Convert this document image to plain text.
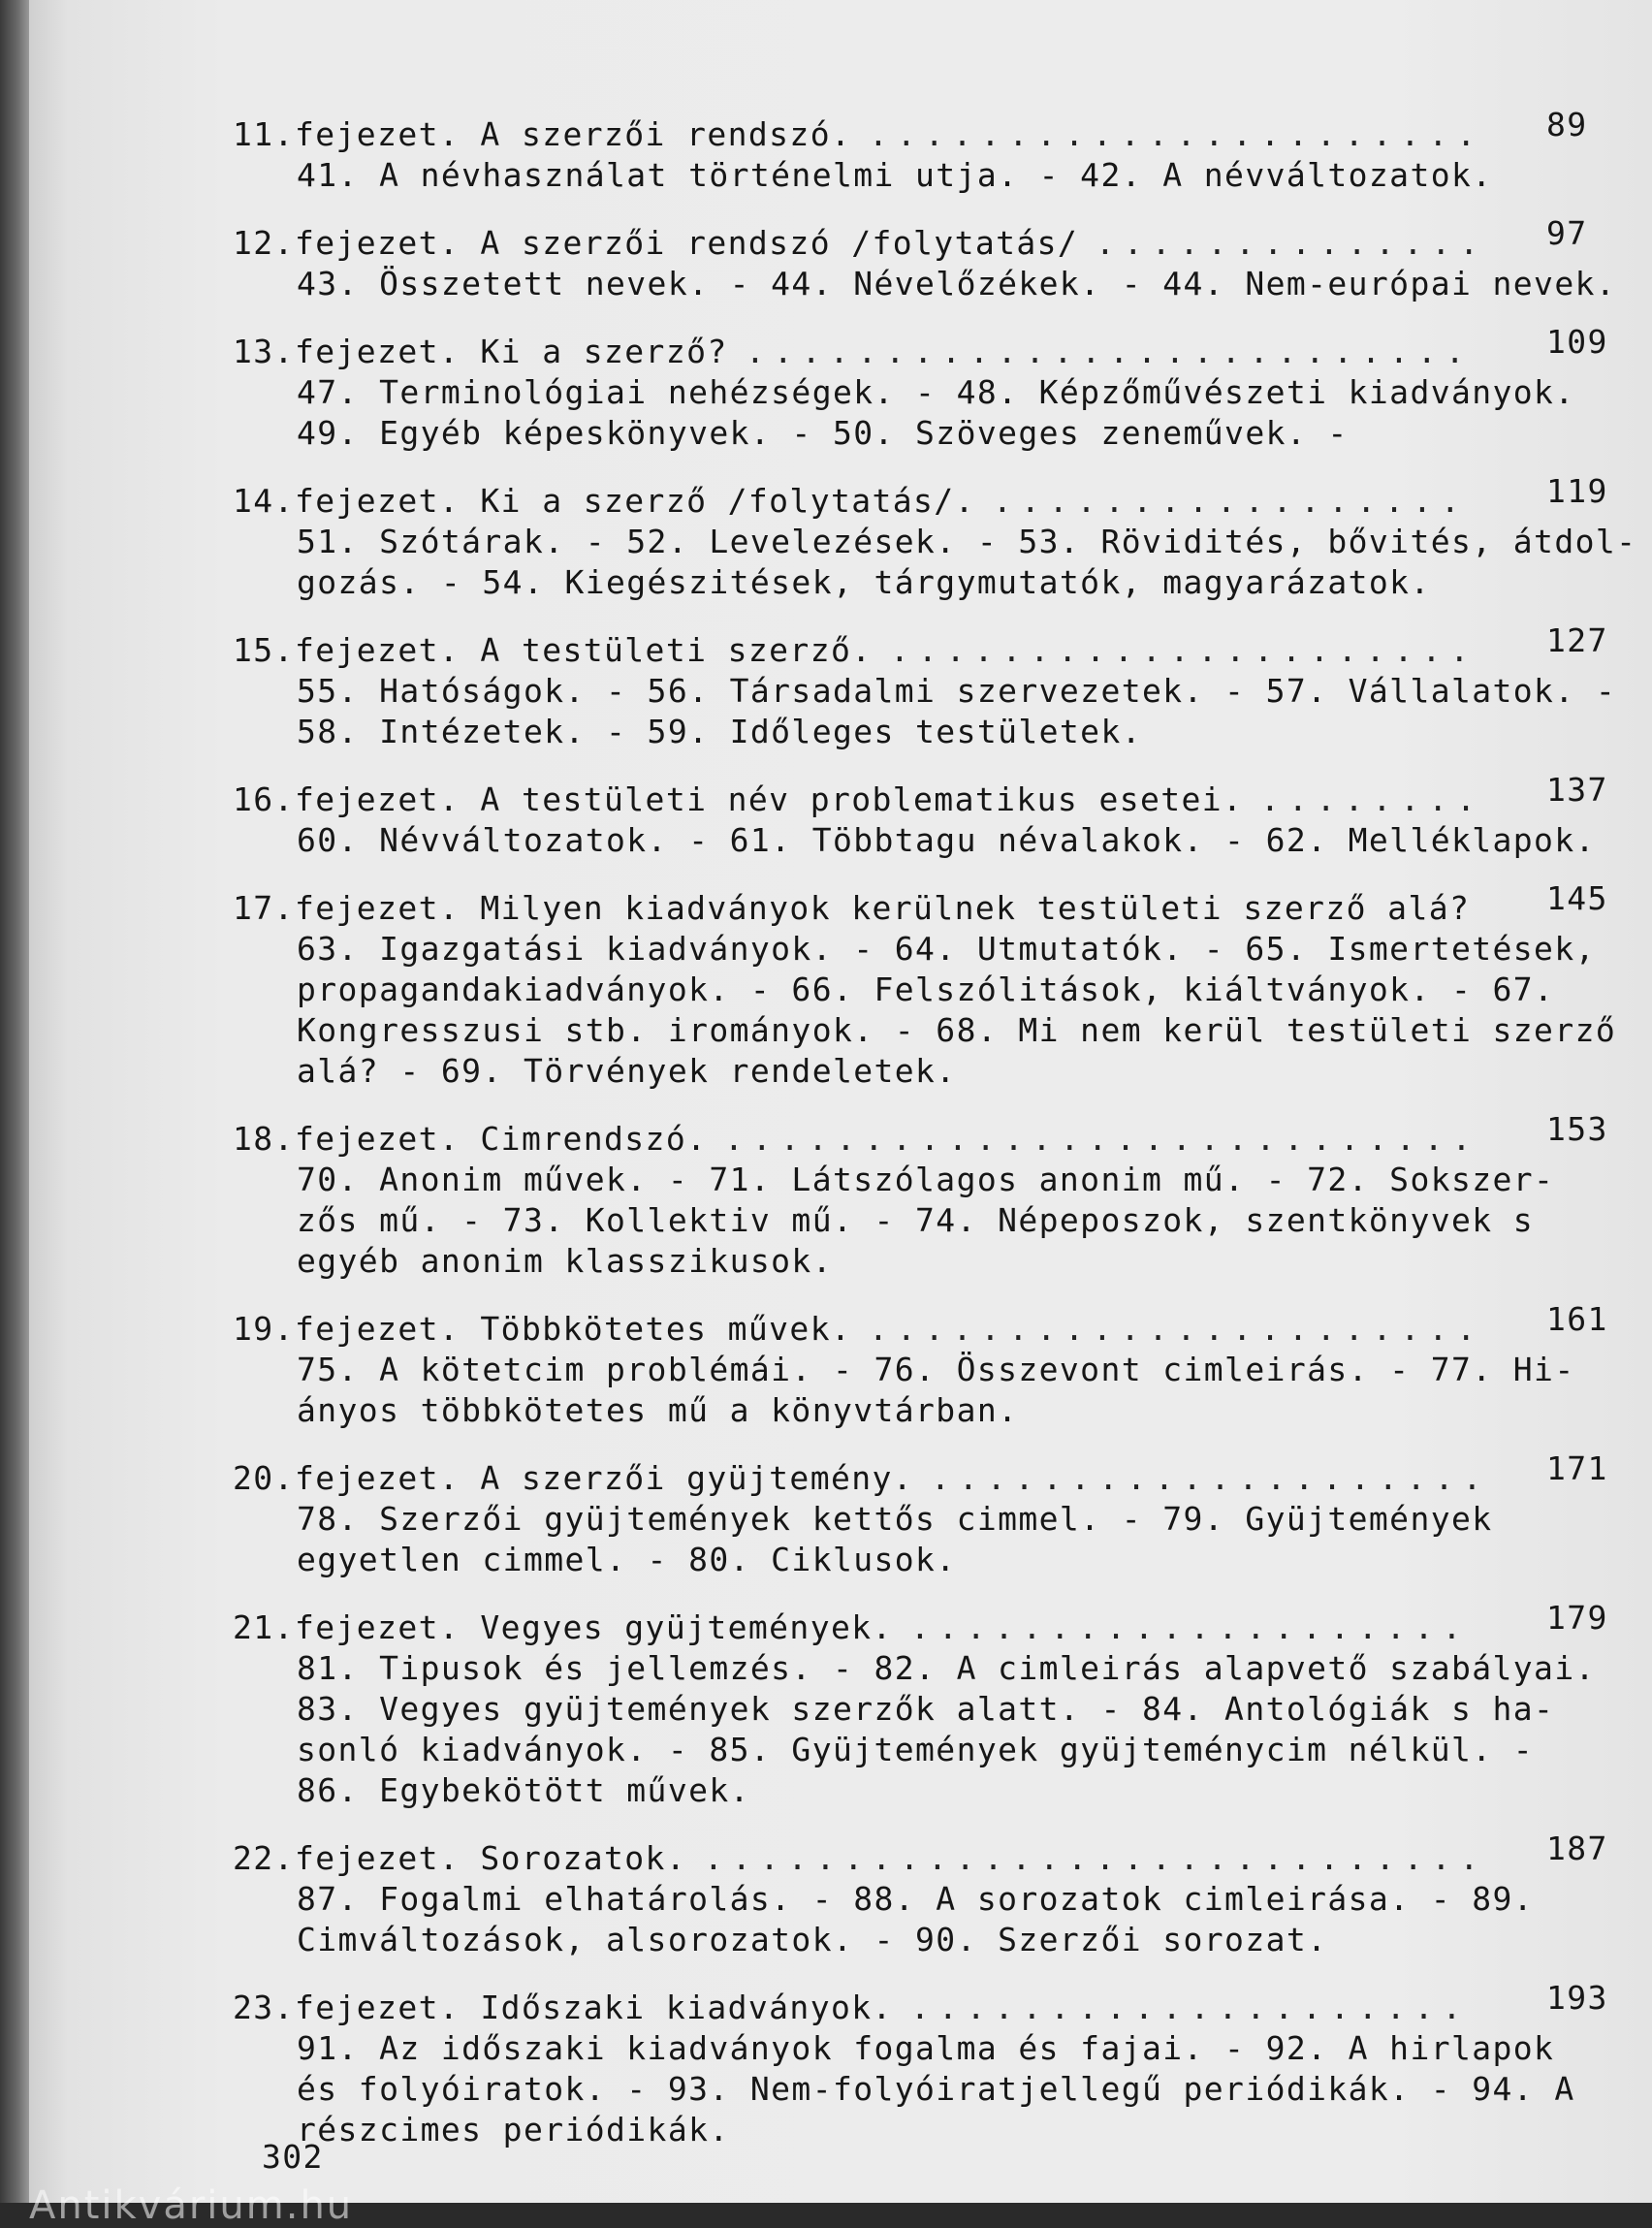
11.fejezet. A szerzői rendszó. ...................... 89
41. A névhasználat történelmi utja. - 42. A névváltozatok.
12.fejezet. A szerzői rendszó /folytatás/ .............. 97
43. Összetett nevek. - 44. Névelőzékek. - 44. Nem-európai nevek.
13.fejezet. Ki a szerző? ..........................	109
47. Terminológiai nehézségek. - 48. Képzőművészeti kiadványok.
49. Egyéb képeskönyvek. - 50. Szöveges zeneművek. -
14.fejezet. Ki a szerző /folytatás/. .................	119
51. Szótárak. - 52. Levelezések. - 53. Rövidités, bővités, átdol-
gozás. - 54. Kiegészitések, tárgymutatók, magyarázatok.
15.fejezet. A testületi szerző. .....................	127
55. Hatóságok. - 56. Társadalmi szervezetek. - 57. Vállalatok. -
58. Intézetek. - 59. Időleges testületek.
16.fejezet. A testületi név problematikus esetei. ........ 137
60. Névváltozatok. - 61. Többtagu névalakok. - 62. Melléklapok.
17.fejezet. Milyen kiadványok kerülnek testületi szerző alá? 145
63. Igazgatási kiadványok. - 64. Utmutatók. - 65. Ismertetések,
propagandakiadványok. - 66. Felszólitások, kiáltványok. - 67.
Kongresszusi stb. irományok. - 68. Mi nem kerül testületi szerző
alá? - 69. Törvények rendeletek.
18.fejezet. Cimrendszó. ...........................	153
70. Anonim művek. - 71. Látszólagos anonim mű. - 72. Sokszer-
zős mű. - 73. Kollektiv mű. - 74. Népeposzok, szentkönyvek s
egyéb anonim klasszikusok.
19.fejezet. Többkötetes művek. ...................... 161
75. A kötetcim problémái. - 76. Összevont cimleirás. - 77. Hi-
ányos többkötetes mű a könyvtárban.
20.fejezet. A szerzői gyüjtemény. .................... 171
78. Szerzői gyüjtemények kettős cimmel. - 79. Gyüjtemények
egyetlen cimmel. - 80. Ciklusok.
21.fejezet. Vegyes gyüjtemények. ....................	179
81. Tipusok és jellemzés. - 82. A cimleirás alapvető szabályai.
83. Vegyes gyüjtemények szerzők alatt. - 84. Antológiák s ha-
sonló kiadványok. - 85. Gyüjtemények gyüjteménycim nélkül. -
86. Egybekötött művek.
22.fejezet. Sorozatok. ............................ 187
87. Fogalmi elhatárolás. - 88. A sorozatok cimleirása. - 89.
Cimváltozások, alsorozatok. - 90. Szerzői sorozat.
23.fejezet. Időszaki kiadványok. ....................	193
91. Az időszaki kiadványok fogalma és fajai. - 92. A hirlapok
és folyóiratok. - 93. Nem-folyóiratjellegű periódikák. - 94. A
részcimes periódikák.
302
Antikvárium.hu
